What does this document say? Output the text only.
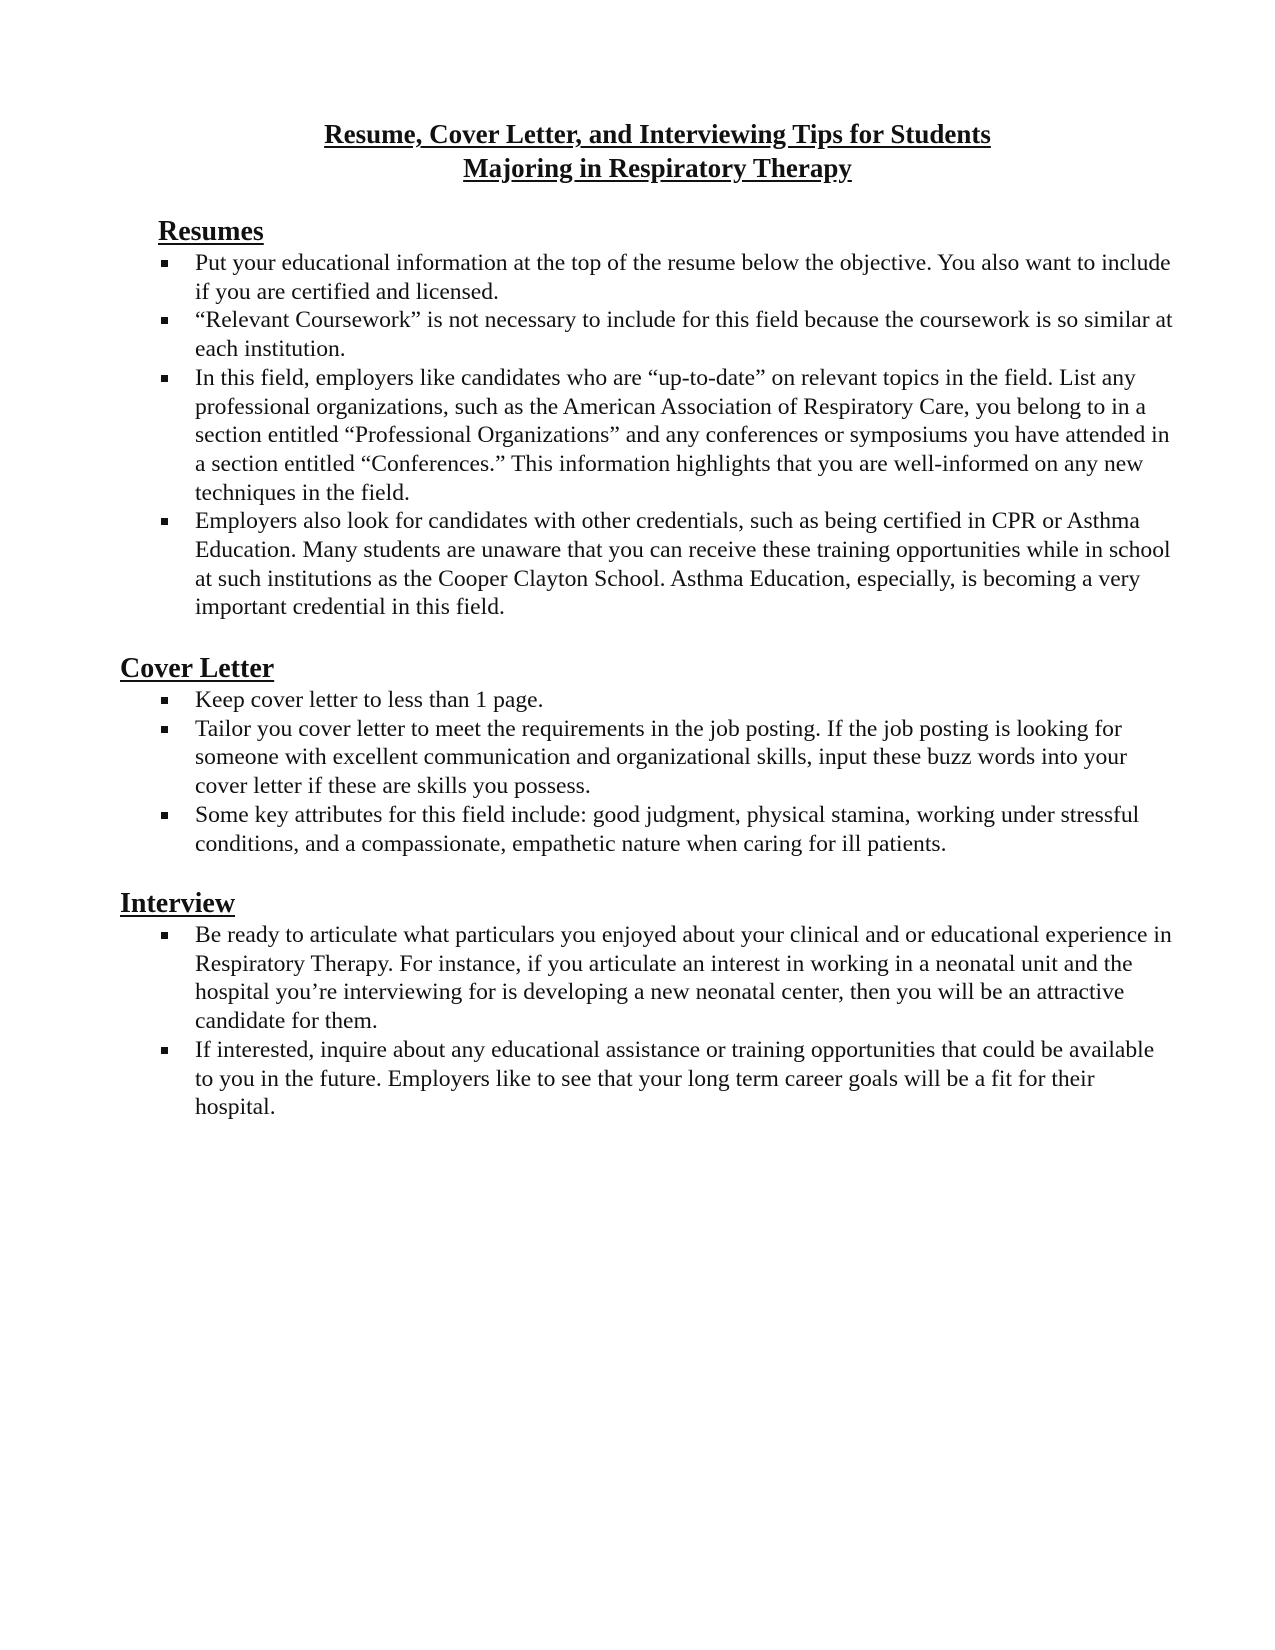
Resume, Cover Letter, and Interviewing Tips for Students
Majoring in Respiratory Therapy
Resumes
Put your educational information at the top of the resume below the objective. You also want to include if you are certified and licensed.
“Relevant Coursework” is not necessary to include for this field because the coursework is so similar at each institution.
In this field, employers like candidates who are “up-to-date” on relevant topics in the field. List any professional organizations, such as the American Association of Respiratory Care, you belong to in a section entitled “Professional Organizations” and any conferences or symposiums you have attended in a section entitled “Conferences.” This information highlights that you are well-informed on any new techniques in the field.
Employers also look for candidates with other credentials, such as being certified in CPR or Asthma Education. Many students are unaware that you can receive these training opportunities while in school at such institutions as the Cooper Clayton School. Asthma Education, especially, is becoming a very important credential in this field.
Cover Letter
Keep cover letter to less than 1 page.
Tailor you cover letter to meet the requirements in the job posting. If the job posting is looking for someone with excellent communication and organizational skills, input these buzz words into your cover letter if these are skills you possess.
Some key attributes for this field include: good judgment, physical stamina, working under stressful conditions, and a compassionate, empathetic nature when caring for ill patients.
Interview
Be ready to articulate what particulars you enjoyed about your clinical and or educational experience in Respiratory Therapy. For instance, if you articulate an interest in working in a neonatal unit and the hospital you’re interviewing for is developing a new neonatal center, then you will be an attractive candidate for them.
If interested, inquire about any educational assistance or training opportunities that could be available to you in the future. Employers like to see that your long term career goals will be a fit for their hospital.
